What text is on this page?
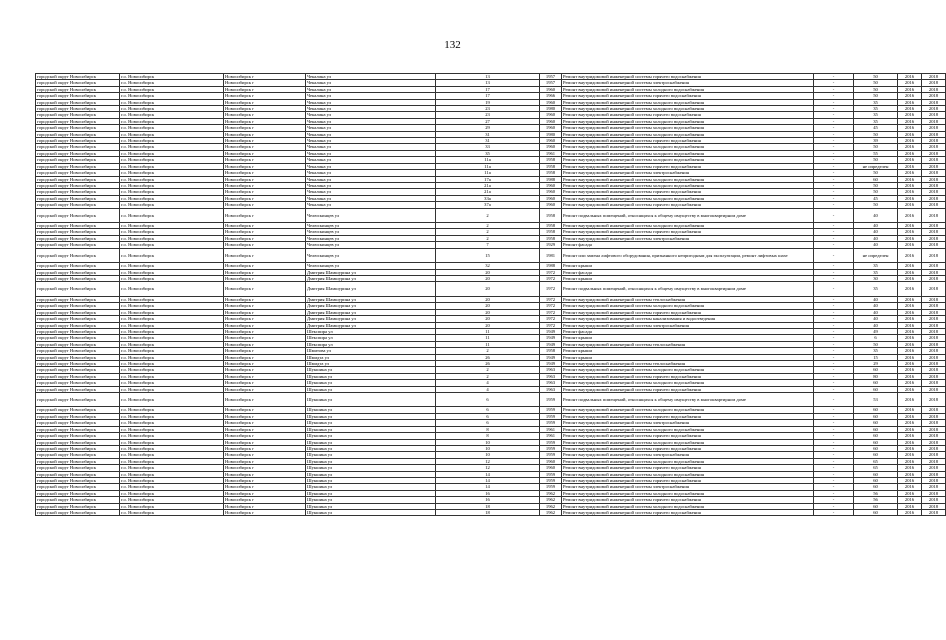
132
городской округ Новосибирск	г.о. Новосибирск	Новосибирск г	Чекалина ул	13	1957	Ремонт внутридомовой инженерной системы горячего водоснабжения	-	50	2016	2018
городской округ Новосибирск	г.о. Новосибирск	Новосибирск г	Чекалина ул	13	1957	Ремонт внутридомовой инженерной системы электроснабжения	-	50	2016	2018
городской округ Новосибирск	г.о. Новосибирск	Новосибирск г	Чекалина ул	17	1960	Ремонт внутридомовой инженерной системы холодного водоснабжения	-	50	2016	2018
городской округ Новосибирск	г.о. Новосибирск	Новосибирск г	Чекалина ул	17	1966	Ремонт внутридомовой инженерной системы горячего водоснабжения	-	50	2016	2018
городской округ Новосибирск	г.о. Новосибирск	Новосибирск г	Чекалина ул	19	1960	Ремонт внутридомовой инженерной системы холодного водоснабжения	-	35	2016	2018
городской округ Новосибирск	г.о. Новосибирск	Новосибирск г	Чекалина ул	23	1980	Ремонт внутридомовой инженерной системы холодного водоснабжения	-	35	2016	2018
городской округ Новосибирск	г.о. Новосибирск	Новосибирск г	Чекалина ул	23	1960	Ремонт внутридомовой инженерной системы горячего водоснабжения	-	35	2016	2018
городской округ Новосибирск	г.о. Новосибирск	Новосибирск г	Чекалина ул	27	1960	Ремонт внутридомовой инженерной системы холодного водоснабжения	-	35	2016	2018
городской округ Новосибирск	г.о. Новосибирск	Новосибирск г	Чекалина ул	29	1960	Ремонт внутридомовой инженерной системы холодного водоснабжения	-	45	2016	2018
городской округ Новосибирск	г.о. Новосибирск	Новосибирск г	Чекалина ул	31	1980	Ремонт внутридомовой инженерной системы холодного водоснабжения	-	50	2016	2018
городской округ Новосибирск	г.о. Новосибирск	Новосибирск г	Чекалина ул	31	1960	Ремонт внутридомовой инженерной системы горячего водоснабжения	-	39	2016	2018
городской округ Новосибирск	г.о. Новосибирск	Новосибирск г	Чекалина ул	33	1960	Ремонт внутридомовой инженерной системы холодного водоснабжения	-	50	2016	2018
городской округ Новосибирск	г.о. Новосибирск	Новосибирск г	Чекалина ул	35	1961	Ремонт внутридомовой инженерной системы холодного водоснабжения	-	55	2016	2018
городской округ Новосибирск	г.о. Новосибирск	Новосибирск г	Чекалина ул	11а	1958	Ремонт внутридомовой инженерной системы холодного водоснабжения	-	50	2016	2018
городской округ Новосибирск	г.о. Новосибирск	Новосибирск г	Чекалина ул	11а	1958	Ремонт внутридомовой инженерной системы горячего водоснабжения	-	не определен	2016	2018
городской округ Новосибирск	г.о. Новосибирск	Новосибирск г	Чекалина ул	11а	1958	Ремонт внутридомовой инженерной системы электроснабжения	-	50	2016	2018
городской округ Новосибирск	г.о. Новосибирск	Новосибирск г	Чекалина ул	17а	1988	Ремонт внутридомовой инженерной системы холодного водоснабжения	-	60	2016	2018
городской округ Новосибирск	г.о. Новосибирск	Новосибирск г	Чекалина ул	21а	1960	Ремонт внутридомовой инженерной системы холодного водоснабжения	-	50	2016	2018
городской округ Новосибирск	г.о. Новосибирск	Новосибирск г	Чекалина ул	21а	1960	Ремонт внутридомовой инженерной системы горячего водоснабжения	-	50	2016	2018
городской округ Новосибирск	г.о. Новосибирск	Новосибирск г	Чекалина ул	33а	1960	Ремонт внутридомовой инженерной системы холодного водоснабжения	-	45	2016	2018
городской округ Новосибирск	г.о. Новосибирск	Новосибирск г	Чекалина ул	37а	1960	Ремонт внутридомовой инженерной системы горячего водоснабжения	-	50	2016	2018
городской округ Новосибирск	г.о. Новосибирск	Новосибирск г	Челюскинцев ул	2	1958	Ремонт подвальных помещений, относящихся к общему имуществу в многоквартирном доме	-	40	2016	2018
городской округ Новосибирск	г.о. Новосибирск	Новосибирск г	Челюскинцев ул	2	1958	Ремонт внутридомовой инженерной системы холодного водоснабжения	-	40	2016	2018
городской округ Новосибирск	г.о. Новосибирск	Новосибирск г	Челюскинцев ул	2	1958	Ремонт внутридомовой инженерной системы горячего водоснабжения	-	40	2016	2018
городской округ Новосибирск	г.о. Новосибирск	Новосибирск г	Челюскинцев ул	2	1958	Ремонт внутридомовой инженерной системы электроснабжения	-	40	2016	2018
городской округ Новосибирск	г.о. Новосибирск	Новосибирск г	Челюскинцев ул	7	1929	Ремонт фасада	-	40	2016	2018
городской округ Новосибирск	г.о. Новосибирск	Новосибирск г	Челюскинцев ул	15	1981	Ремонт или замена лифтового оборудования, признанного непригодным для эксплуатации, ремонт лифтовых шахт	-	не определен	2016	2018
городской округ Новосибирск	г.о. Новосибирск	Новосибирск г	Челюскинцев ул	32	1988	Ремонт крыши	-	35	2016	2018
городской округ Новосибирск	г.о. Новосибирск	Новосибирск г	Дмитрия Шамшурина ул	20	1972	Ремонт фасада	-	35	2016	2018
городской округ Новосибирск	г.о. Новосибирск	Новосибирск г	Дмитрия Шамшурина ул	20	1972	Ремонт крыши	-	30	2016	2018
городской округ Новосибирск	г.о. Новосибирск	Новосибирск г	Дмитрия Шамшурина ул	20	1972	Ремонт подвальных помещений, относящихся к общему имуществу в многоквартирном доме	-	35	2016	2018
городской округ Новосибирск	г.о. Новосибирск	Новосибирск г	Дмитрия Шамшурина ул	20	1972	Ремонт внутридомовой инженерной системы теплоснабжения	-	40	2016	2018
городской округ Новосибирск	г.о. Новосибирск	Новосибирск г	Дмитрия Шамшурина ул	20	1972	Ремонт внутридомовой инженерной системы холодного водоснабжения	-	40	2016	2018
городской округ Новосибирск	г.о. Новосибирск	Новосибирск г	Дмитрия Шамшурина ул	20	1972	Ремонт внутридомовой инженерной системы горячего водоснабжения	-	40	2016	2018
городской округ Новосибирск	г.о. Новосибирск	Новосибирск г	Дмитрия Шамшурина ул	20	1972	Ремонт внутридомовой инженерной системы канализования и водоотведения	-	40	2016	2018
городской округ Новосибирск	г.о. Новосибирск	Новосибирск г	Дмитрия Шамшурина ул	20	1972	Ремонт внутридомовой инженерной системы электроснабжения	-	40	2016	2018
городской округ Новосибирск	г.о. Новосибирск	Новосибирск г	Шекспира ул	11	1949	Ремонт фасада	-	49	2016	2018
городской округ Новосибирск	г.о. Новосибирск	Новосибирск г	Шекспира ул	11	1949	Ремонт крыши	-	6	2016	2018
городской округ Новосибирск	г.о. Новосибирск	Новосибирск г	Шекспира ул	11	1949	Ремонт внутридомовой инженерной системы теплоснабжения	-	50	2016	2018
городской округ Новосибирск	г.о. Новосибирск	Новосибирск г	Шмитова ул	2	1958	Ремонт крыши	-	35	2016	2018
городской округ Новосибирск	г.о. Новосибирск	Новосибирск г	Шмидта ул	26	1949	Ремонт крыши	-	15	2016	2018
городской округ Новосибирск	г.о. Новосибирск	Новосибирск г	Шмидта ул	26	1949	Ремонт внутридомовой инженерной системы теплоснабжения	-	29	2016	2018
городской округ Новосибирск	г.о. Новосибирск	Новосибирск г	Шукшина ул	2	1963	Ремонт внутридомовой инженерной системы холодного водоснабжения	-	60	2016	2018
городской округ Новосибирск	г.о. Новосибирск	Новосибирск г	Шукшина ул	2	1963	Ремонт внутридомовой инженерной системы горячего водоснабжения	-	80	2016	2018
городской округ Новосибирск	г.о. Новосибирск	Новосибирск г	Шукшина ул	4	1963	Ремонт внутридомовой инженерной системы холодного водоснабжения	-	60	2016	2018
городской округ Новосибирск	г.о. Новосибирск	Новосибирск г	Шукшина ул	4	1963	Ремонт внутридомовой инженерной системы горячего водоснабжения	-	60	2016	2018
городской округ Новосибирск	г.о. Новосибирск	Новосибирск г	Шукшина ул	6	1959	Ремонт подвальных помещений, относящихся к общему имуществу в многоквартирном доме	-	53	2016	2018
городской округ Новосибирск	г.о. Новосибирск	Новосибирск г	Шукшина ул	6	1959	Ремонт внутридомовой инженерной системы холодного водоснабжения	-	60	2016	2018
городской округ Новосибирск	г.о. Новосибирск	Новосибирск г	Шукшина ул	6	1959	Ремонт внутридомовой инженерной системы горячего водоснабжения	-	60	2016	2018
городской округ Новосибирск	г.о. Новосибирск	Новосибирск г	Шукшина ул	6	1959	Ремонт внутридомовой инженерной системы электроснабжения	-	60	2016	2018
городской округ Новосибирск	г.о. Новосибирск	Новосибирск г	Шукшина ул	8	1961	Ремонт внутридомовой инженерной системы холодного водоснабжения	-	60	2016	2018
городской округ Новосибирск	г.о. Новосибирск	Новосибирск г	Шукшина ул	8	1961	Ремонт внутридомовой инженерной системы горячего водоснабжения	-	60	2016	2018
городской округ Новосибирск	г.о. Новосибирск	Новосибирск г	Шукшина ул	10	1959	Ремонт внутридомовой инженерной системы холодного водоснабжения	-	60	2016	2018
городской округ Новосибирск	г.о. Новосибирск	Новосибирск г	Шукшина ул	10	1959	Ремонт внутридомовой инженерной системы горячего водоснабжения	-	60	2016	2018
городской округ Новосибирск	г.о. Новосибирск	Новосибирск г	Шукшина ул	10	1959	Ремонт внутридомовой инженерной системы электроснабжения	-	60	2016	2018
городской округ Новосибирск	г.о. Новосибирск	Новосибирск г	Шукшина ул	12	1960	Ремонт внутридомовой инженерной системы холодного водоснабжения	-	65	2016	2018
городской округ Новосибирск	г.о. Новосибирск	Новосибирск г	Шукшина ул	12	1960	Ремонт внутридомовой инженерной системы горячего водоснабжения	-	65	2016	2018
городской округ Новосибирск	г.о. Новосибирск	Новосибирск г	Шукшина ул	14	1959	Ремонт внутридомовой инженерной системы холодного водоснабжения	-	60	2016	2018
городской округ Новосибирск	г.о. Новосибирск	Новосибирск г	Шукшина ул	14	1959	Ремонт внутридомовой инженерной системы горячего водоснабжения	-	60	2016	2018
городской округ Новосибирск	г.о. Новосибирск	Новосибирск г	Шукшина ул	14	1959	Ремонт внутридомовой инженерной системы электроснабжения	-	60	2016	2018
городской округ Новосибирск	г.о. Новосибирск	Новосибирск г	Шукшина ул	16	1962	Ремонт внутридомовой инженерной системы холодного водоснабжения	-	56	2016	2018
городской округ Новосибирск	г.о. Новосибирск	Новосибирск г	Шукшина ул	16	1962	Ремонт внутридомовой инженерной системы горячего водоснабжения	-	56	2016	2018
городской округ Новосибирск	г.о. Новосибирск	Новосибирск г	Шукшина ул	18	1962	Ремонт внутридомовой инженерной системы холодного водоснабжения	-	60	2016	2018
городской округ Новосибирск	г.о. Новосибирск	Новосибирск г	Шукшина ул	18	1962	Ремонт внутридомовой инженерной системы горячего водоснабжения	-	60	2016	2018
